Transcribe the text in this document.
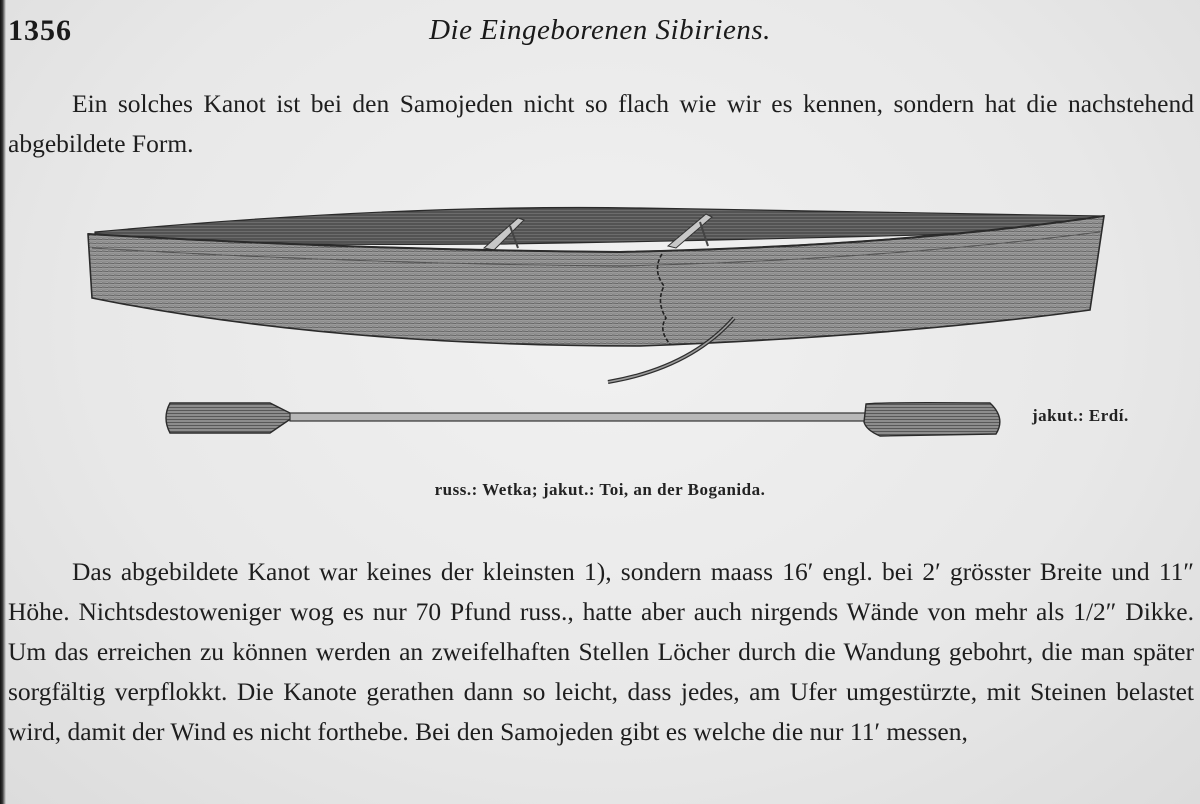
1356	Die Eingeborenen Sibiriens.

Ein solches Kanot ist bei den Samojeden nicht so flach wie wir es kennen, sondern hat die nachstehend abgebildete Form.

jakut.: Erdí.
russ.: Wetka; jakut.: Toi, an der Boganida.

Das abgebildete Kanot war keines der kleinsten 1), sondern maass 16′ engl. bei 2′ grösster Breite und 11″ Höhe. Nichtsdestoweniger wog es nur 70 Pfund russ., hatte aber auch nirgends Wände von mehr als 1/2″ Dikke. Um das erreichen zu können werden an zweifelhaften Stellen Löcher durch die Wandung gebohrt, die man später sorgfältig verpflokkt. Die Kanote gerathen dann so leicht, dass jedes, am Ufer umgestürzte, mit Steinen belastet wird, damit der Wind es nicht forthebe. Bei den Samojeden gibt es welche die nur 11′ messen,
